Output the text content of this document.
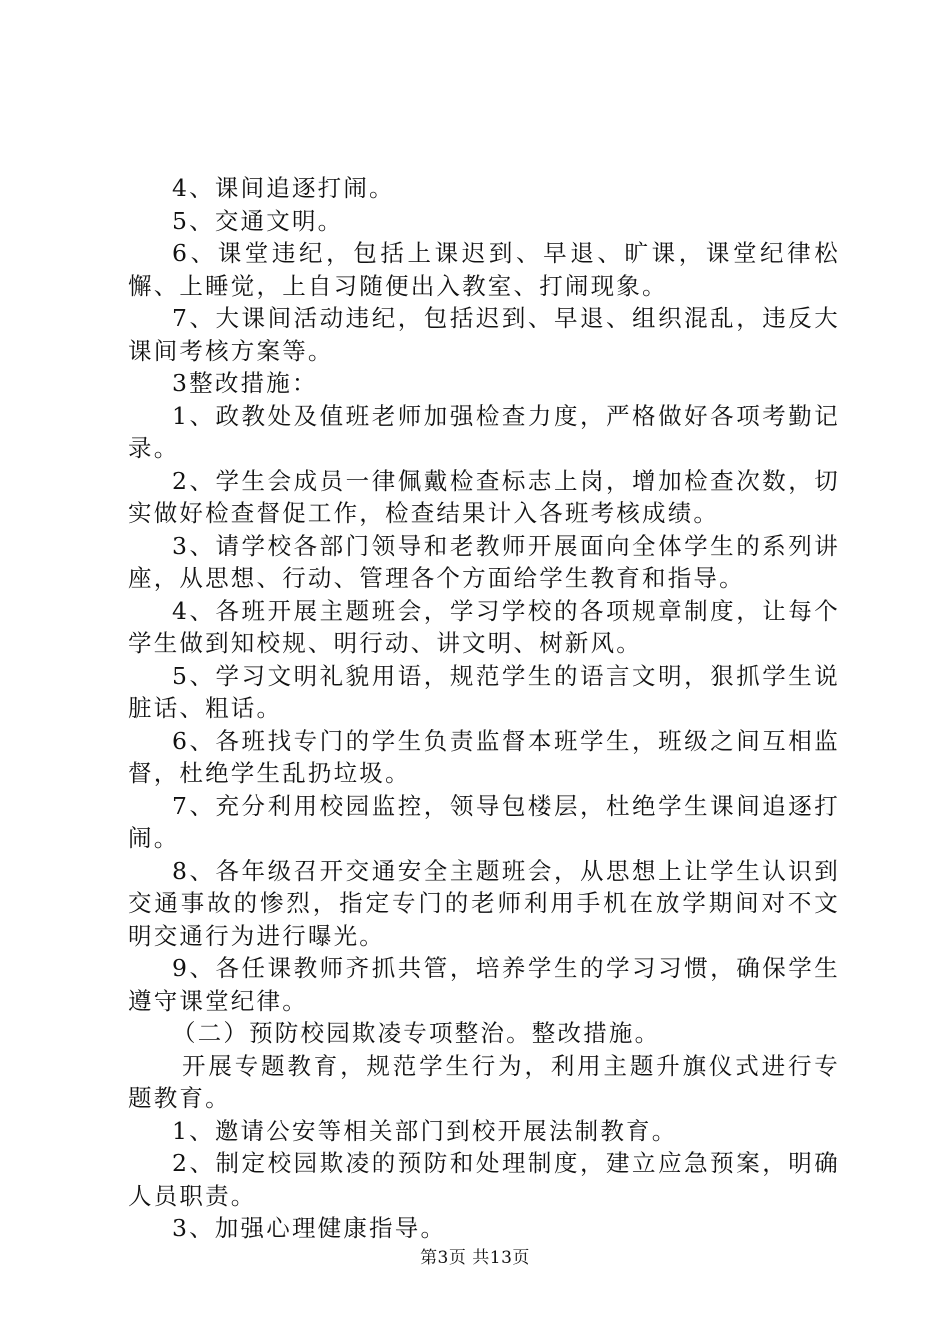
4、课间追逐打闹。

5、交通文明。

6、课堂违纪，包括上课迟到、早退、旷课，课堂纪律松懈、上睡觉，上自习随便出入教室、打闹现象。

7、大课间活动违纪，包括迟到、早退、组织混乱，违反大课间考核方案等。

3整改措施：

1、政教处及值班老师加强检查力度，严格做好各项考勤记录。

2、学生会成员一律佩戴检查标志上岗，增加检查次数，切实做好检查督促工作，检查结果计入各班考核成绩。

3、请学校各部门领导和老教师开展面向全体学生的系列讲座，从思想、行动、管理各个方面给学生教育和指导。

4、各班开展主题班会，学习学校的各项规章制度，让每个学生做到知校规、明行动、讲文明、树新风。

5、学习文明礼貌用语，规范学生的语言文明，狠抓学生说脏话、粗话。

6、各班找专门的学生负责监督本班学生，班级之间互相监督，杜绝学生乱扔垃圾。

7、充分利用校园监控，领导包楼层，杜绝学生课间追逐打闹。

8、各年级召开交通安全主题班会，从思想上让学生认识到交通事故的惨烈，指定专门的老师利用手机在放学期间对不文明交通行为进行曝光。

9、各任课教师齐抓共管，培养学生的学习习惯，确保学生遵守课堂纪律。

（二）预防校园欺凌专项整治。整改措施。

开展专题教育，规范学生行为，利用主题升旗仪式进行专题教育。

1、邀请公安等相关部门到校开展法制教育。

2、制定校园欺凌的预防和处理制度，建立应急预案，明确人员职责。

3、加强心理健康指导。

第3页 共13页
